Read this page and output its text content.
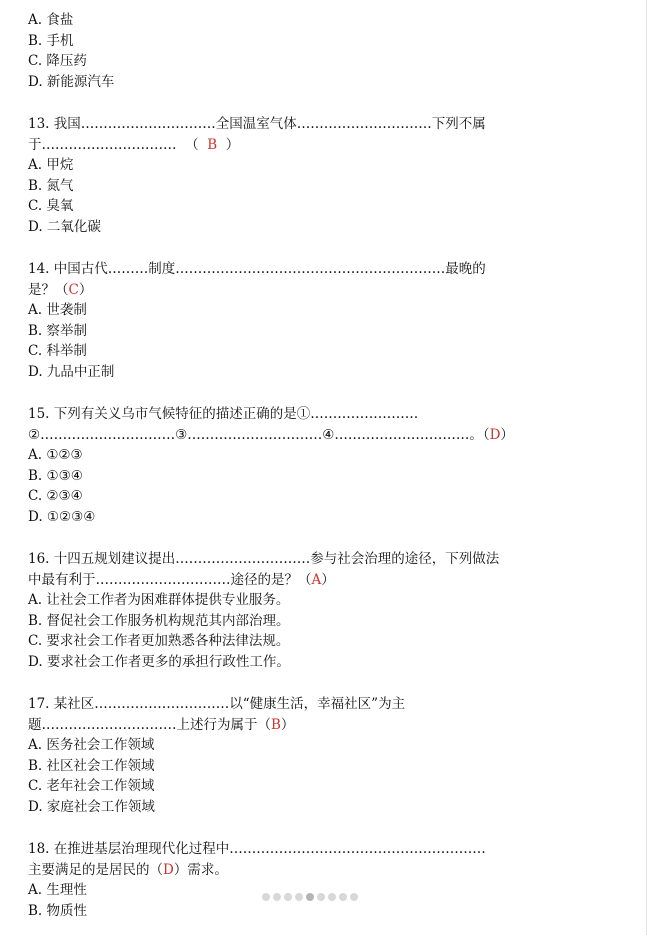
A. 食盐
B. 手机
C. 降压药
D. 新能源汽车
13. 我国…………………………全国温室气体…………………………下列不属
于………………………… （ B ）
A. 甲烷
B. 氮气
C. 臭氧
D. 二氧化碳
14. 中国古代………制度……………………………………………………最晚的
是？（C）
A. 世袭制
B. 察举制
C. 科举制
D. 九品中正制
15. 下列有关义乌市气候特征的描述正确的是①……………………
②…………………………③…………………………④…………………………。（D）
A. ①②③
B. ①③④
C. ②③④
D. ①②③④
16. 十四五规划建议提出…………………………参与社会治理的途径，下列做法
中最有利于…………………………途径的是？（A）
A. 让社会工作者为困难群体提供专业服务。
B. 督促社会工作服务机构规范其内部治理。
C. 要求社会工作者更加熟悉各种法律法规。
D. 要求社会工作者更多的承担行政性工作。
17. 某社区…………………………以“健康生活，幸福社区”为主
题…………………………上述行为属于（B）
A. 医务社会工作领域
B. 社区社会工作领域
C. 老年社会工作领域
D. 家庭社会工作领域
18. 在推进基层治理现代化过程中…………………………………………………
主要满足的是居民的（D）需求。
A. 生理性
B. 物质性
